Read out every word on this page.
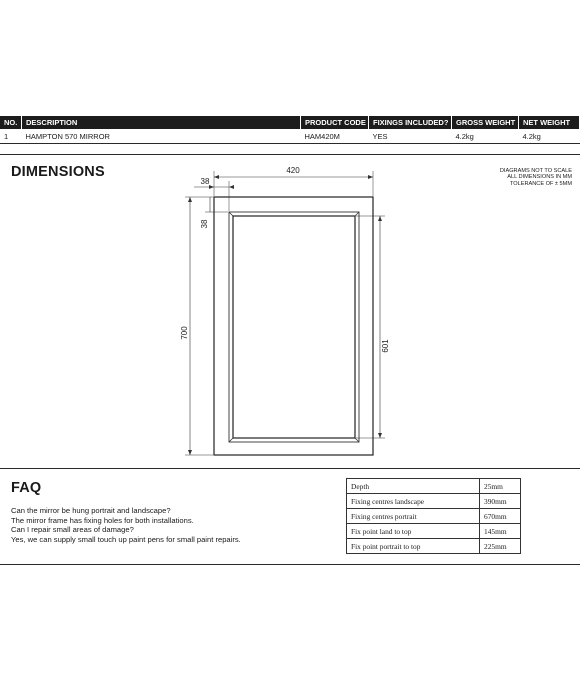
NO.	DESCRIPTION	PRODUCT CODE	FIXINGS INCLUDED?	GROSS WEIGHT	NET WEIGHT
1	HAMPTON 570 MIRROR	HAM420M	YES	4.2kg	4.2kg
DIMENSIONS	DIAGRAMS NOT TO SCALE
ALL DIMENSIONS IN MM
TOLERANCE OF ± 5MM
420
38
38
700
601
FAQ
Can the mirror be hung portrait and landscape?
The mirror frame has fixing holes for both installations.
Can I repair small areas of damage?
Yes, we can supply small touch up paint pens for small paint repairs.
Depth	25mm
Fixing centres landscape	390mm
Fixing centres portrait	670mm
Fix point land to top	145mm
Fix point portrait to top	225mm
